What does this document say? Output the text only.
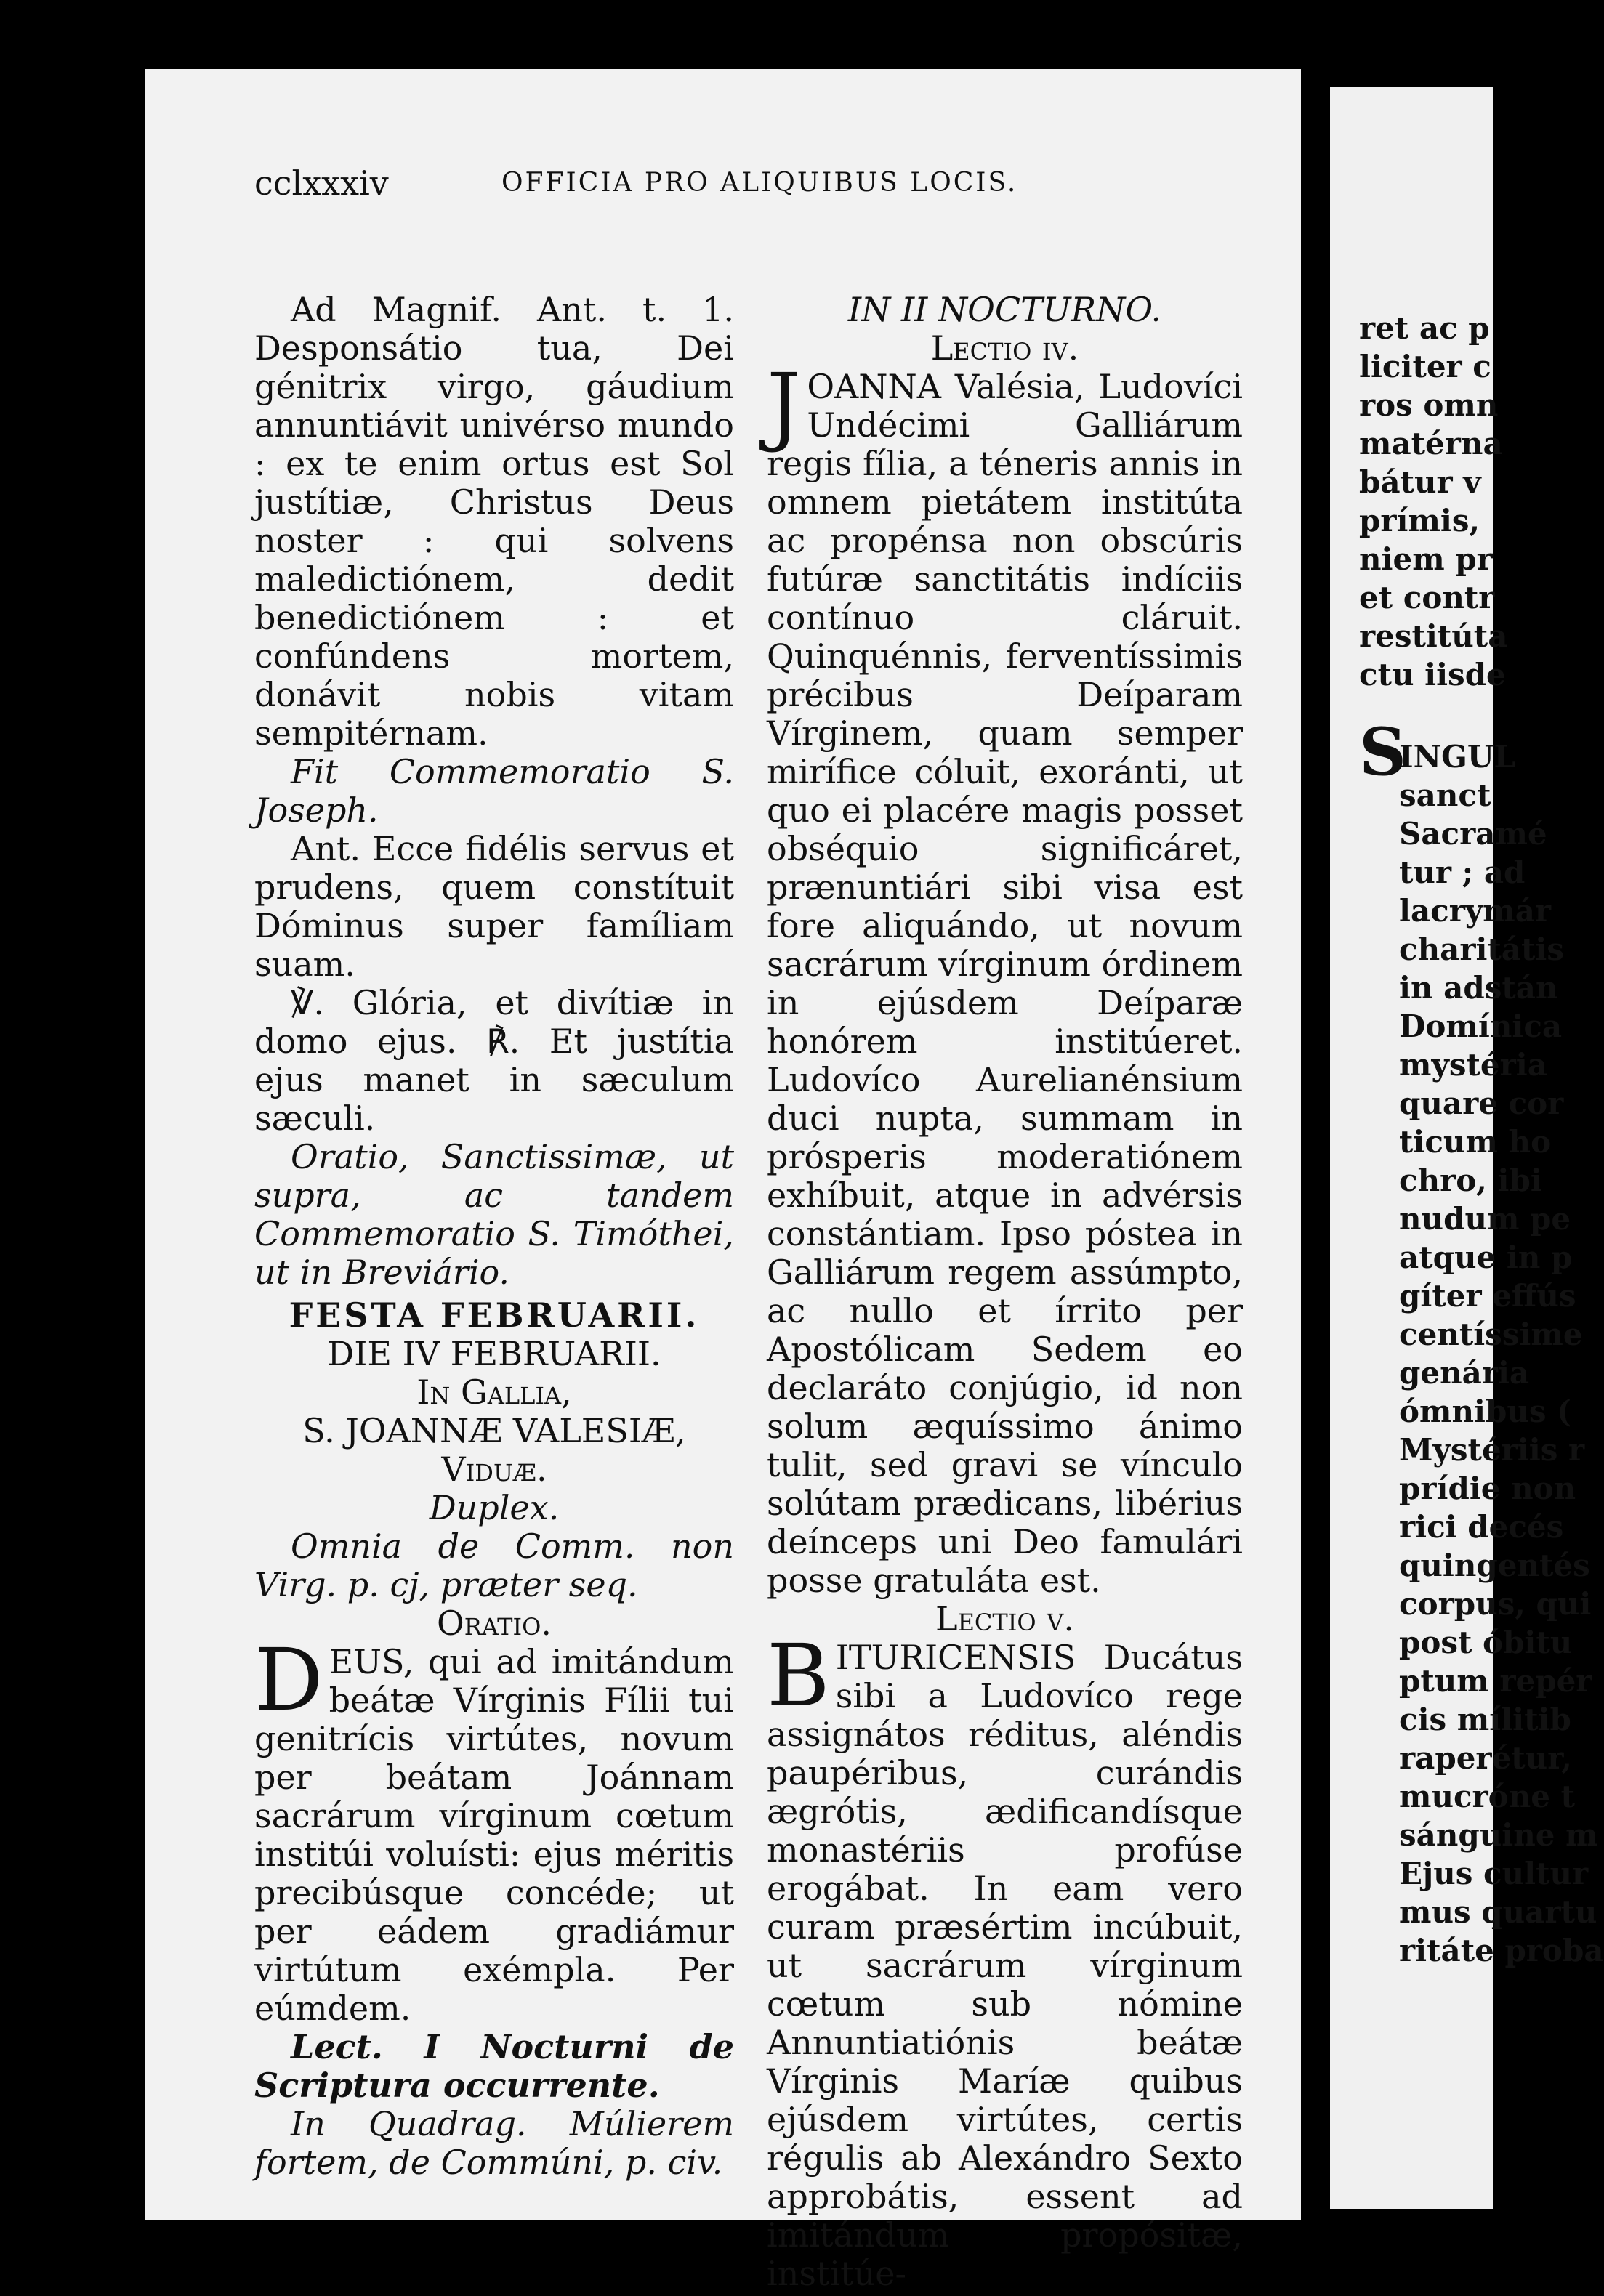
cclxxxiv	OFFICIA PRO ALIQUIBUS LOCIS.

Ad Magnif. Ant. t. 1. Desponsátio tua, Dei génitrix virgo, gáudium annuntiávit univérso mundo : ex te enim ortus est Sol justítiæ, Christus Deus noster : qui solvens maledictiónem, dedit benedictiónem : et confúndens mortem, donávit nobis vitam sempitérnam.

Fit Commemoratio S. Joseph.

Ant. Ecce fidélis servus et prudens, quem constítuit Dóminus super famíliam suam.

℣. Glória, et divítiæ in domo ejus. ℟. Et justítia ejus manet in sæculum sæculi.

Oratio, Sanctissimæ, ut supra, ac tandem Commemoratio S. Timóthei, ut in Breviário.

FESTA FEBRUARII.

DIE IV FEBRUARII.

In Gallia,

S. JOANNÆ VALESIÆ,

Viduæ.

Duplex.

Omnia de Comm. non Virg. p. cj, præter seq.

Oratio.

DEUS, qui ad imitándum beátæ Vírginis Fílii tui genitrícis virtútes, novum per beátam Joánnam sacrárum vírginum cœtum institúi voluísti: ejus méritis precibúsque concéde; ut per eádem gradiámur virtútum exémpla. Per eúmdem.

Lect. I Nocturni de Scriptura occurrente.

In Quadrag. Múlierem fortem, de Commúni, p. civ.

IN II NOCTURNO.

Lectio iv.

JOANNA Valésia, Ludovíci Undécimi Galliárum regis fília, a téneris annis in omnem pietátem institúta ac propénsa non obscúris futúræ sanctitátis indíciis contínuo cláruit. Quinquénnis, ferventíssimis précibus Deíparam Vírginem, quam semper mirífice cóluit, exoránti, ut quo ei placére magis posset obséquio significáret, prænuntiári sibi visa est fore aliquándo, ut novum sacrárum vírginum órdinem in ejúsdem Deíparæ honórem institúeret. Ludovíco Aurelianénsium duci nupta, summam in prósperis moderatiónem exhíbuit, atque in advérsis constántiam. Ipso póstea in Galliárum regem assúmpto, ac nullo et írrito per Apostólicam Sedem eo declaráto conjúgio, id non solum æquíssimo ánimo tulit, sed gravi se vínculo solútam prædicans, libérius deínceps uni Deo famulári posse gratuláta est.

Lectio v.

BITURICENSIS Ducátus sibi a Ludovíco rege assignátos réditus, aléndis paupéribus, curándis ægrótis, ædificandísque monastériis profúse erogábat. In eam vero curam præsértim incúbuit, ut sacrárum vírginum cœtum sub nómine Annuntiatiónis beátæ Vírginis Maríæ quibus ejúsdem virtútes, certis régulis ab Alexándro Sexto approbátis, essent ad imitándum propósitæ, institúe-

ret ac p
liciter c
ros omn
matérna
bátur v
prímis,
niem pr
et contr
restitúta
ctu iisde
S
INGUL
sanct
Sacramé
tur ; ad
lacrymár
charitátis
in adstán
Domínica
mystéria
quare cor
ticum ho
chro, ibi
nudum pe
atque in p
gíter effús
centíssime
genária
ómnibus (
Mystériis r
prídie non
rici decés
quingentés
corpus, qui
post óbitu
ptum repér
cis mílitib
raperétur,
mucróne t
sánguine m
Ejus cultur
mus quartu
ritáte proba
